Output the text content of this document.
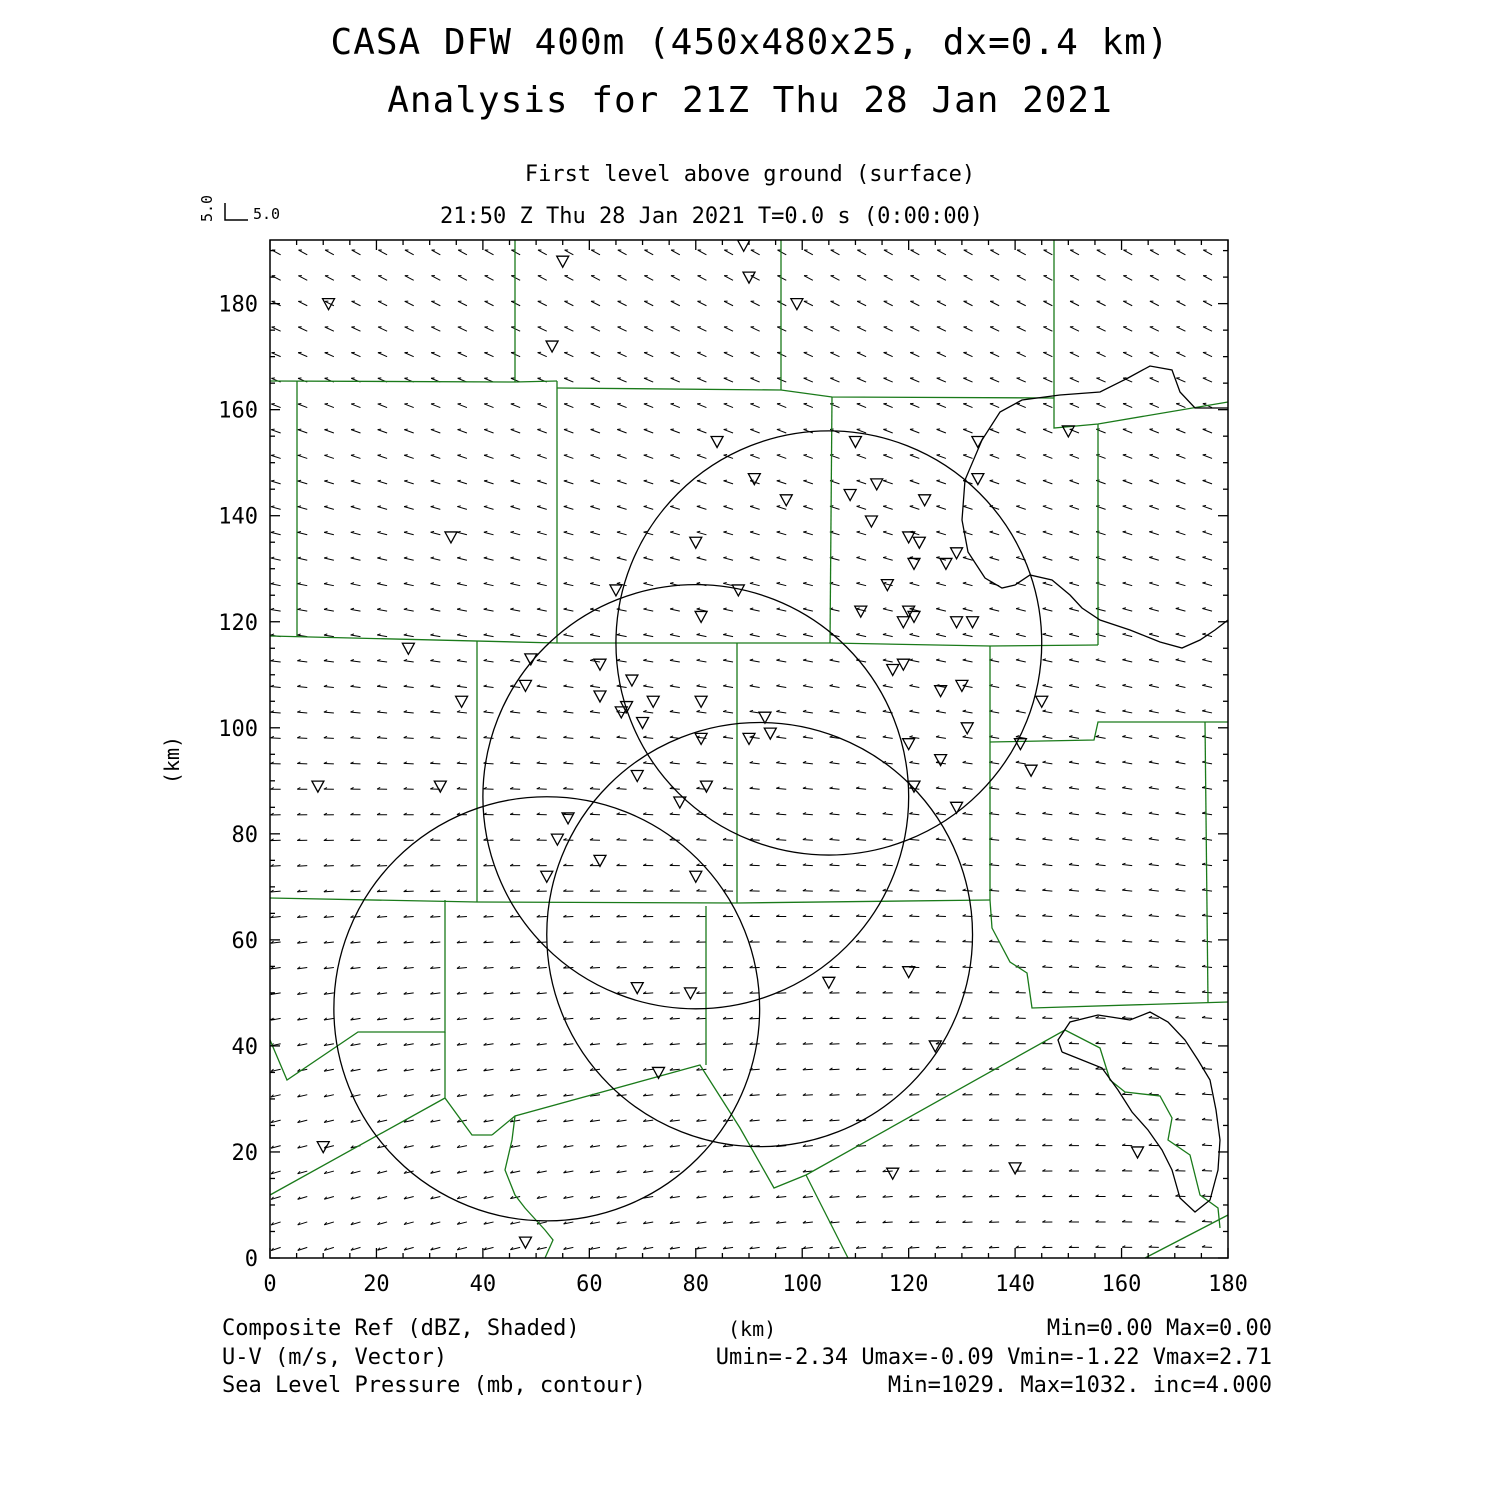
CASA DFW 400m (450x480x25, dx=0.4 km)
Analysis for 21Z Thu 28 Jan 2021
First level above ground (surface)
21:50 Z Thu 28 Jan 2021 T=0.0 s (0:00:00)
5.0 5.0
(km)
(km)
Composite Ref (dBZ, Shaded)	Min=0.00 Max=0.00
U-V (m/s, Vector)	Umin=-2.34 Umax=-0.09 Vmin=-1.22 Vmax=2.71
Sea Level Pressure (mb, contour)	Min=1029. Max=1032. inc=4.000
0	20	40	60	80	100	120	140	160	180
0
20
40
60
80
100
120
140
160
180
